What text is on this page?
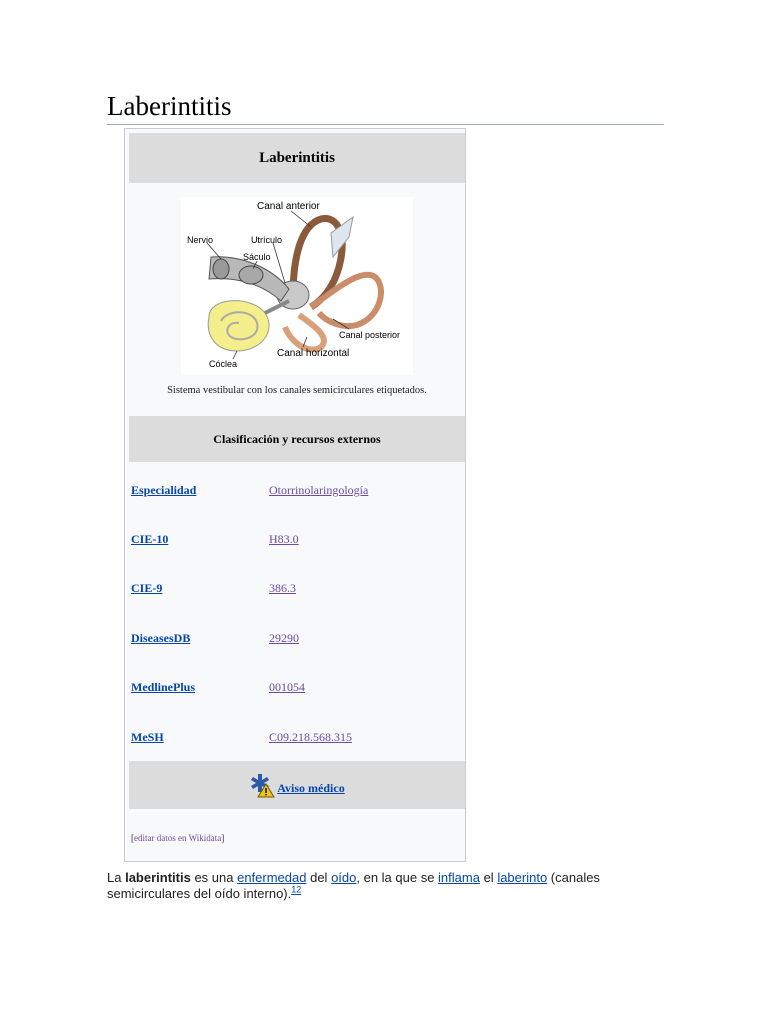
Laberintitis
Laberintitis
Canal anterior
Nervio	Utrículo
Sáculo
Canal posterior
Canal horizontal
Cóclea
Sistema vestibular con los canales semicirculares etiquetados.
Clasificación y recursos externos
Especialidad	Otorrinolaringología
CIE-10	H83.0
CIE-9	386.3
DiseasesDB	29290
MedlinePlus	001054
MeSH	C09.218.568.315
Aviso médico
[editar datos en Wikidata]

La laberintitis es una enfermedad del oído, en la que se inflama el laberinto (canales semicirculares del oído interno).$^{12}$
